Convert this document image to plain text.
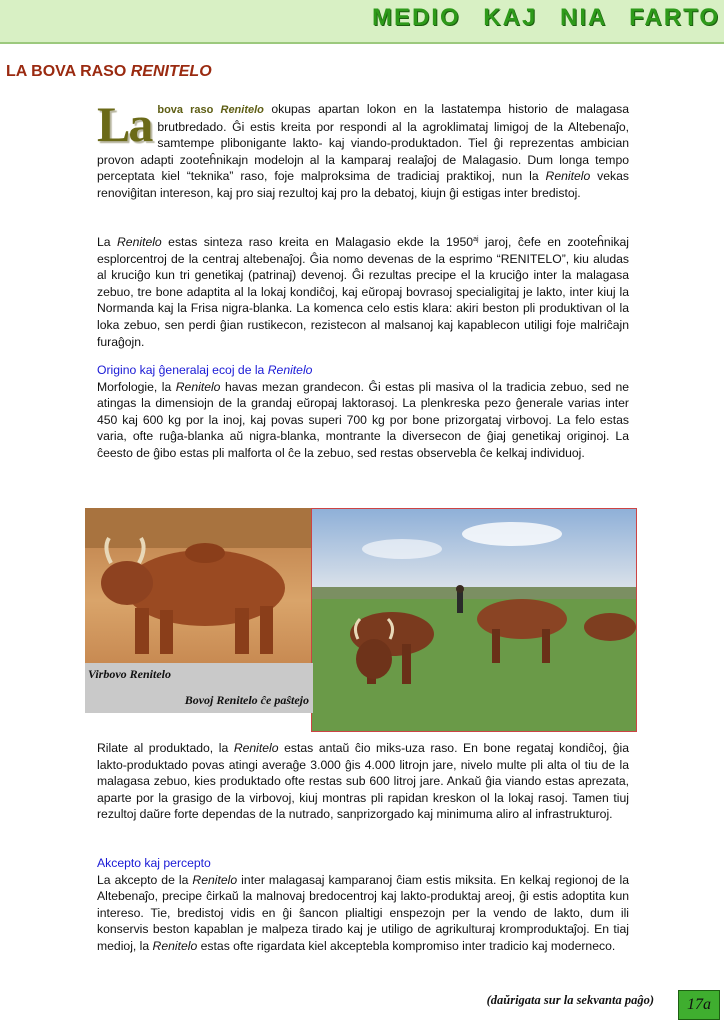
MEDIO KAJ NIA FARTO
LA BOVA RASO RENITELO
La bova raso Renitelo okupas apartan lokon en la lastatempa historio de malagasa brutbredado. Ĝi estis kreita por respondi al la agroklimataj limigoj de la Altebenaĵo, samtempe plibonigante lakto- kaj viando-produktadon. Tiel ĝi reprezentas ambician provon adapti zooteĥnikajn modelojn al la kamparaj realaĵoj de Malagasio. Dum longa tempo perceptata kiel “teknika” raso, foje malproksima de tradiciaj praktikoj, nun la Renitelo vekas renoviĝitan intereson, kaj pro siaj rezultoj kaj pro la debatoj, kiujn ĝi estigas inter bredistoj.
La Renitelo estas sinteza raso kreita en Malagasio ekde la $1950^{aj}$ jaroj, ĉefe en zooteĥnikaj esplorcentroj de la centraj altebenaĵoj. Ĝia nomo devenas de la esprimo “RENITELO”, kiu aludas al kruciĝo kun tri genetikaj (patrinaj) devenoj. Ĝi rezultas precipe el la kruciĝo inter la malagasa zebuo, tre bone adaptita al la lokaj kondiĉoj, kaj eŭropaj bovrasoj specialigitaj je lakto, inter kiuj la Normanda kaj la Frisa nigra-blanka. La komenca celo estis klara: akiri beston pli produktivan ol la loka zebuo, sen perdi ĝian rustikecon, rezistecon al malsanoj kaj kapablecon utiligi foje malriĉajn furaĝojn.
Origino kaj ĝeneralaj ecoj de la Renitelo
Morfologie, la Renitelo havas mezan grandecon. Ĝi estas pli masiva ol la tradicia zebuo, sed ne atingas la dimensiojn de la grandaj eŭropaj laktorasoj. La plenkreska pezo ĝenerale varias inter 450 kaj 600 kg por la inoj, kaj povas superi 700 kg por bone prizorgataj virbovoj. La felo estas varia, ofte ruĝa-blanka aŭ nigra-blanka, montrante la diversecon de ĝiaj genetikaj originoj. La ĉeesto de ĝibo estas pli malforta ol ĉe la zebuo, sed restas observebla ĉe kelkaj individuoj.
Virbovo Renitelo
Bovoj Renitelo ĉe paŝtejo
Rilate al produktado, la Renitelo estas antaŭ ĉio miks-uza raso. En bone regataj kondiĉoj, ĝia lakto-produktado povas atingi averaĝe 3.000 ĝis 4.000 litrojn jare, nivelo multe pli alta ol tiu de la malagasa zebuo, kies produktado ofte restas sub 600 litroj jare. Ankaŭ ĝia viando estas aprezata, aparte por la grasigo de la virbovoj, kiuj montras pli rapidan kreskon ol la lokaj rasoj. Tamen tiuj rezultoj daŭre forte dependas de la nutrado, sanprizorgado kaj minimuma aliro al infrastrukturoj.
Akcepto kaj percepto
La akcepto de la Renitelo inter malagasaj kamparanoj ĉiam estis miksita. En kelkaj regionoj de la Altebenaĵo, precipe ĉirkaŭ la malnovaj bredocentroj kaj lakto-produktaj areoj, ĝi estis adoptita kun intereso. Tie, bredistoj vidis en ĝi ŝancon plialtigi enspezojn per la vendo de lakto, dum ili konservis beston kapablan je malpeza tirado kaj je utiligo de agrikulturaj kromproduktaĵoj. En tiaj medioj, la Renitelo estas ofte rigardata kiel akceptebla kompromiso inter tradicio kaj moderneco.
(daŭrigata sur la sekvanta paĝo)	17a
